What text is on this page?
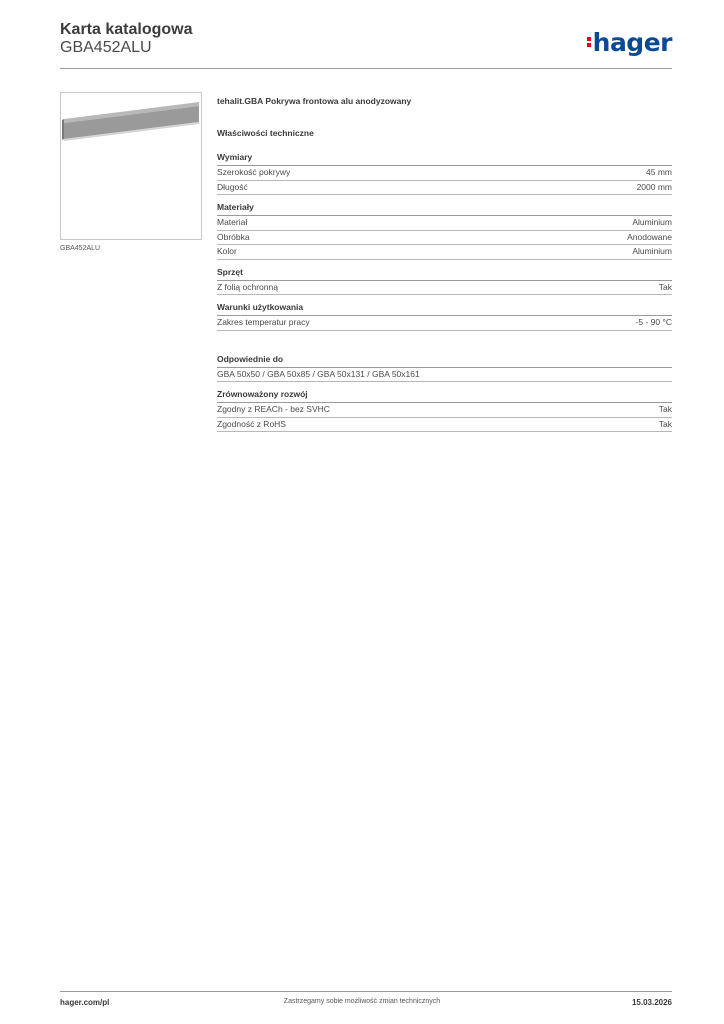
Karta katalogowa
GBA452ALU	hager
GBA452ALU
tehalit.GBA Pokrywa frontowa alu anodyzowany
Właściwości techniczne
Wymiary
Szerokość pokrywy	45 mm
Długość	2000 mm
Materiały
Materiał	Aluminium
Obróbka	Anodowane
Kolor	Aluminium
Sprzęt
Z folią ochronną	Tak
Warunki użytkowania
Zakres temperatur pracy	-5 - 90 °C
Odpowiednie do
GBA 50x50 / GBA 50x85 / GBA 50x131 / GBA 50x161
Zrównoważony rozwój
Zgodny z REACh - bez SVHC	Tak
Zgodność z RoHS	Tak
hager.com/pl	Zastrzegamy sobie możliwość zmian technicznych	15.03.2026
